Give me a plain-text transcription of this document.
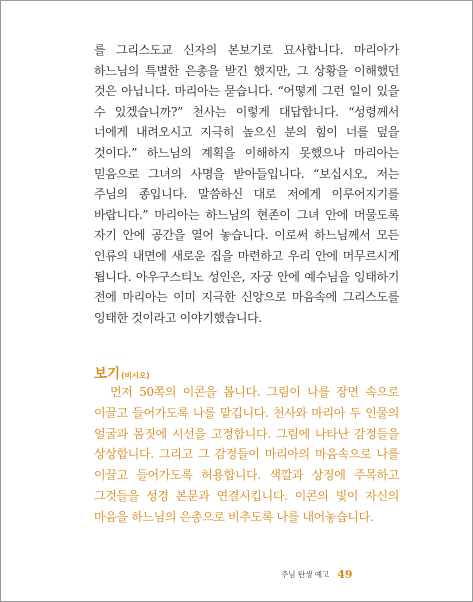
를 그리스도교 신자의 본보기로 묘사합니다. 마리아가 하느님의 특별한 은총을 받긴 했지만, 그 상황을 이해했던 것은 아닙니다. 마리아는 묻습니다. “어떻게 그런 일이 있을 수 있겠습니까?” 천사는 이렇게 대답합니다. “성령께서 너에게 내려오시고 지극히 높으신 분의 힘이 너를 덮을 것이다.” 하느님의 계획을 이해하지 못했으나 마리아는 믿음으로 그녀의 사명을 받아들입니다. “보십시오, 저는 주님의 종입니다. 말씀하신 대로 저에게 이루어지기를 바랍니다.” 마리아는 하느님의 현존이 그녀 안에 머물도록 자기 안에 공간을 열어 놓습니다. 이로써 하느님께서 모든 인류의 내면에 새로운 집을 마련하고 우리 안에 머무르시게 됩니다. 아우구스티노 성인은, 자궁 안에 예수님을 잉태하기 전에 마리아는 이미 지극한 신앙으로 마음속에 그리스도를 잉태한 것이라고 이야기했습니다.

보기(비시오)

먼저 50쪽의 이콘을 봅니다. 그림이 나를 장면 속으로 이끌고 들어가도록 나를 맡깁니다. 천사와 마리아 두 인물의 얼굴과 몸짓에 시선을 고정합니다. 그림에 나타난 감정들을 상상합니다. 그리고 그 감정들이 마리아의 마음속으로 나를 이끌고 들어가도록 허용합니다. 색깔과 상징에 주목하고 그것들을 성경 본문과 연결시킵니다. 이콘의 빛이 자신의 마음을 하느님의 은총으로 비추도록 나를 내어놓습니다.

주님 탄생 예고 49
